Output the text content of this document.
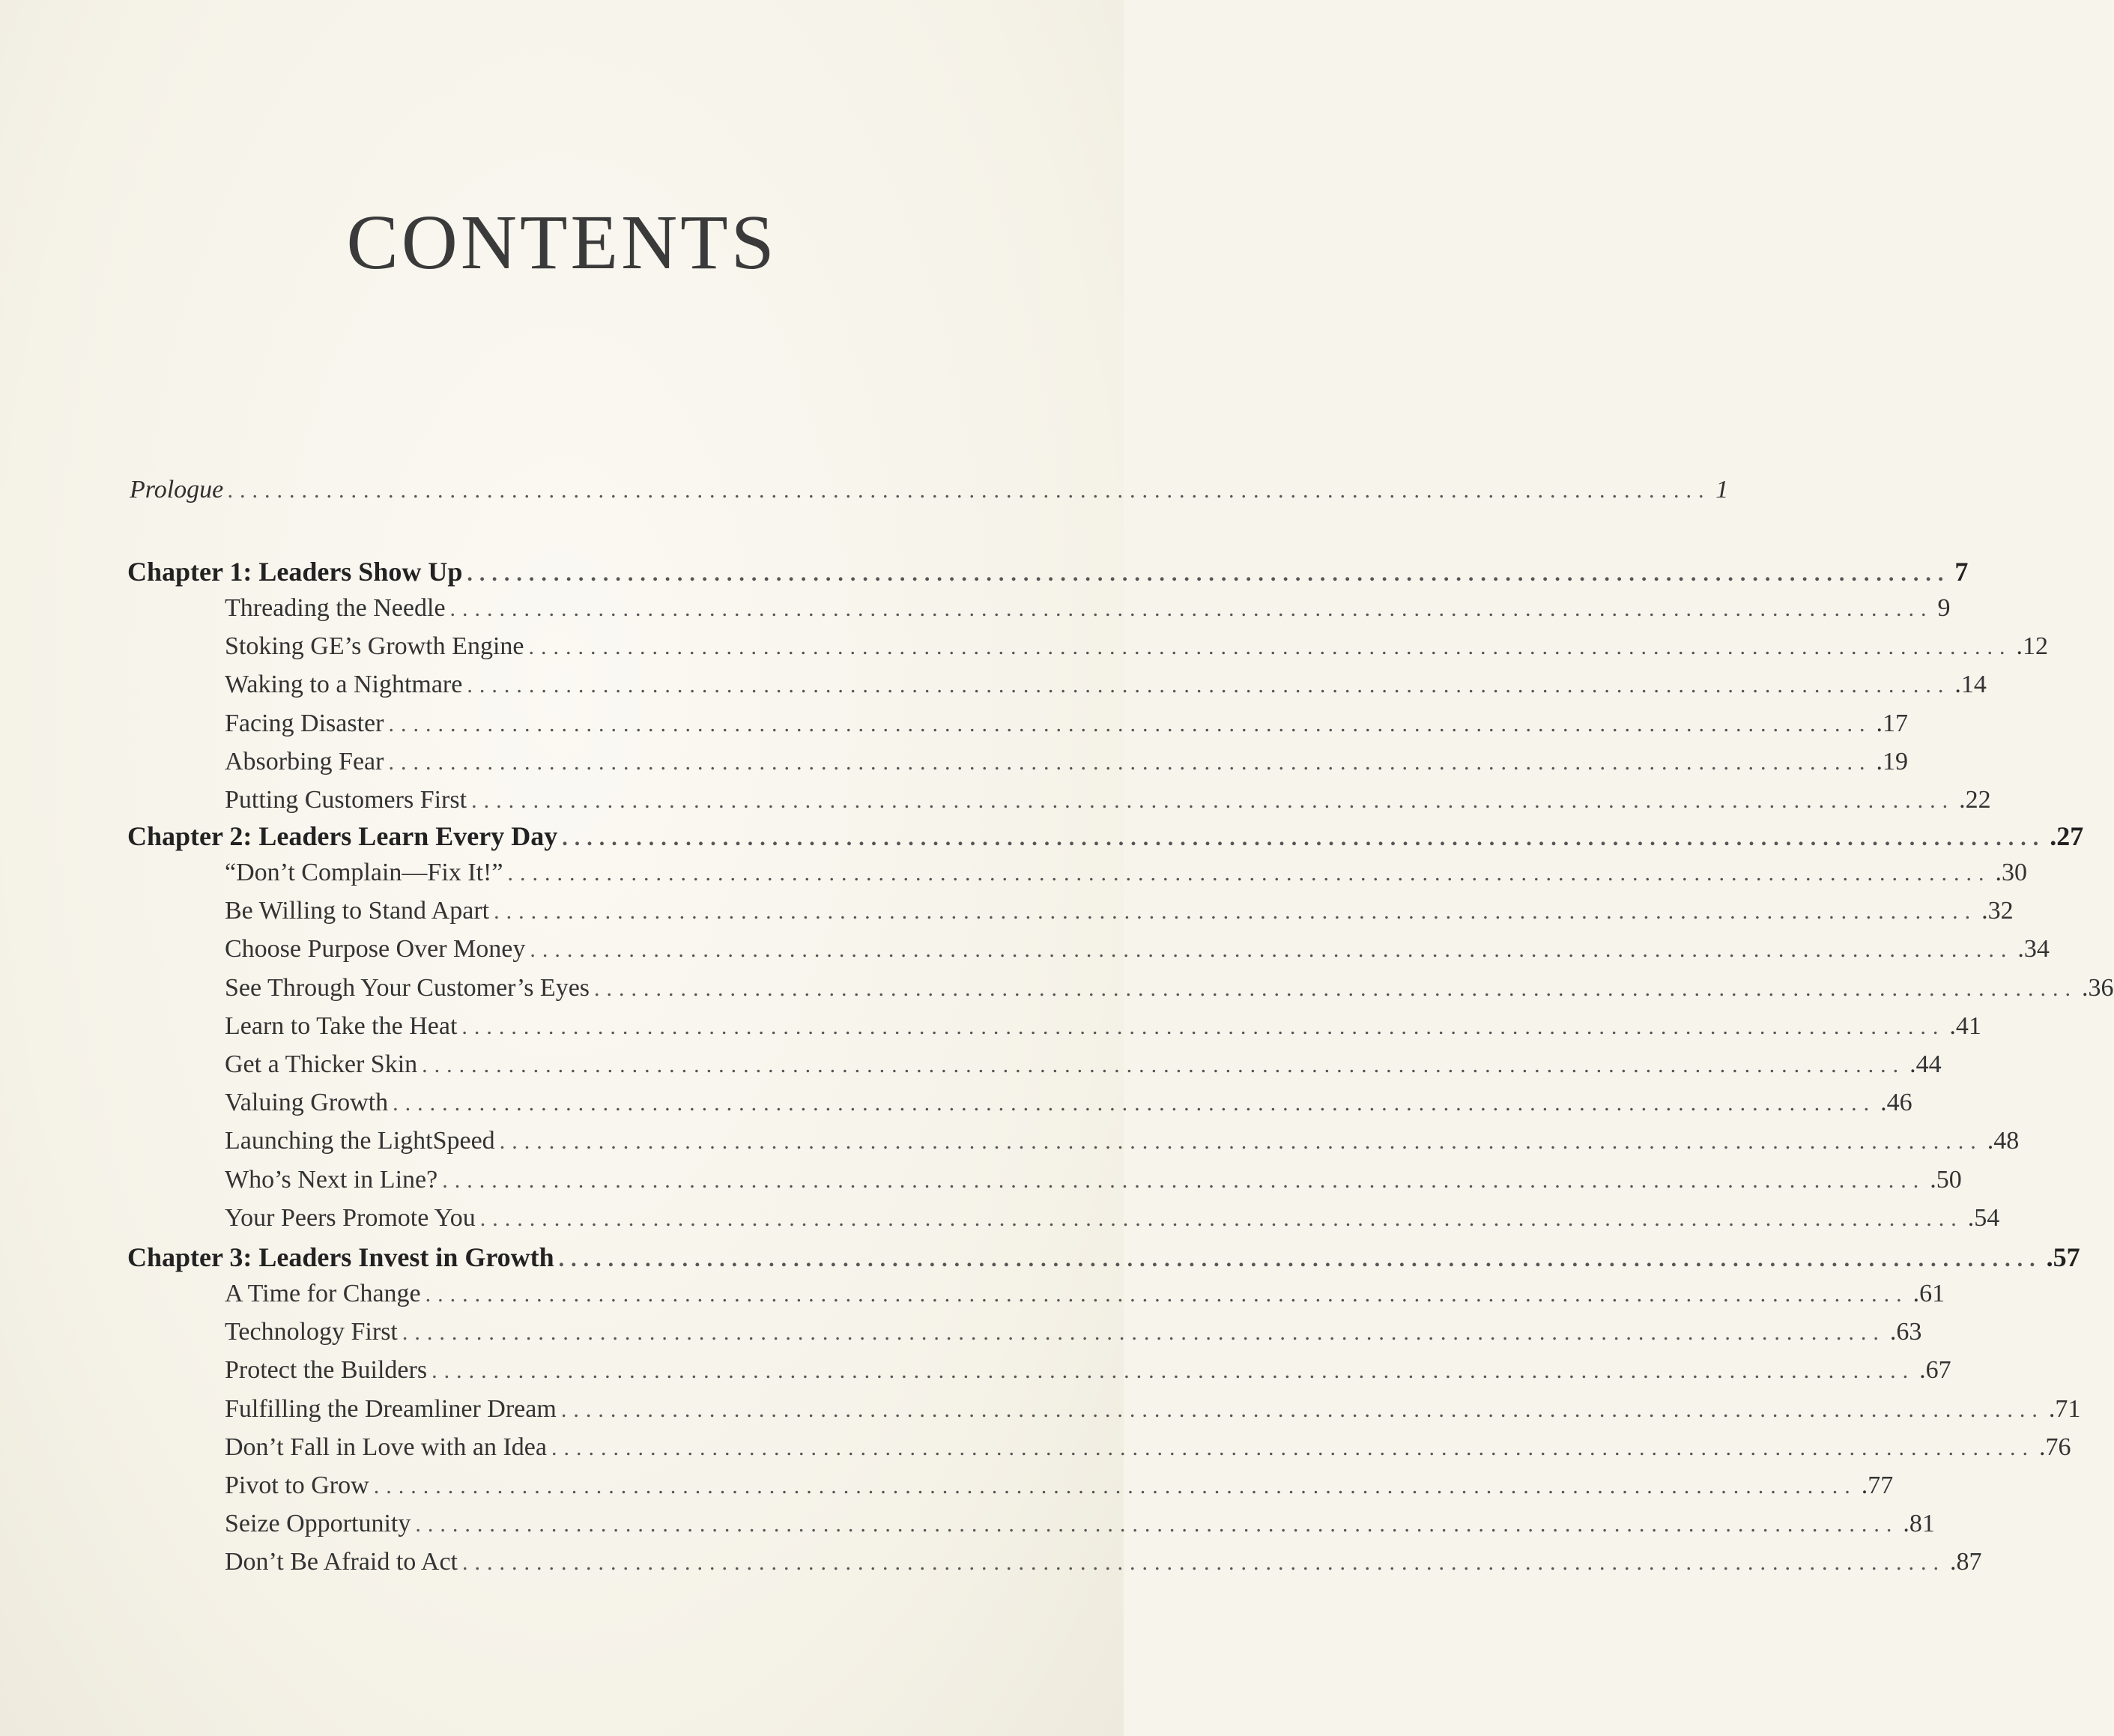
CONTENTS
Prologue ........................................................................................................................ 1
Chapter 1: Leaders Show Up ........................................................................................................................ 7
Threading the Needle ........................................................................................................................ 9
Stoking GE’s Growth Engine ........................................................................................................................ .12
Waking to a Nightmare ........................................................................................................................ .14
Facing Disaster ........................................................................................................................ .17
Absorbing Fear ........................................................................................................................ .19
Putting Customers First ........................................................................................................................ .22
Chapter 2: Leaders Learn Every Day ........................................................................................................................ .27
“Don’t Complain—Fix It!” ........................................................................................................................ .30
Be Willing to Stand Apart ........................................................................................................................ .32
Choose Purpose Over Money ........................................................................................................................ .34
See Through Your Customer’s Eyes ........................................................................................................................ .36
Learn to Take the Heat ........................................................................................................................ .41
Get a Thicker Skin ........................................................................................................................ .44
Valuing Growth ........................................................................................................................ .46
Launching the LightSpeed ........................................................................................................................ .48
Who’s Next in Line? ........................................................................................................................ .50
Your Peers Promote You ........................................................................................................................ .54
Chapter 3: Leaders Invest in Growth ........................................................................................................................ .57
A Time for Change ........................................................................................................................ .61
Technology First ........................................................................................................................ .63
Protect the Builders ........................................................................................................................ .67
Fulfilling the Dreamliner Dream ........................................................................................................................ .71
Don’t Fall in Love with an Idea ........................................................................................................................ .76
Pivot to Grow ........................................................................................................................ .77
Seize Opportunity ........................................................................................................................ .81
Don’t Be Afraid to Act ........................................................................................................................ .87
